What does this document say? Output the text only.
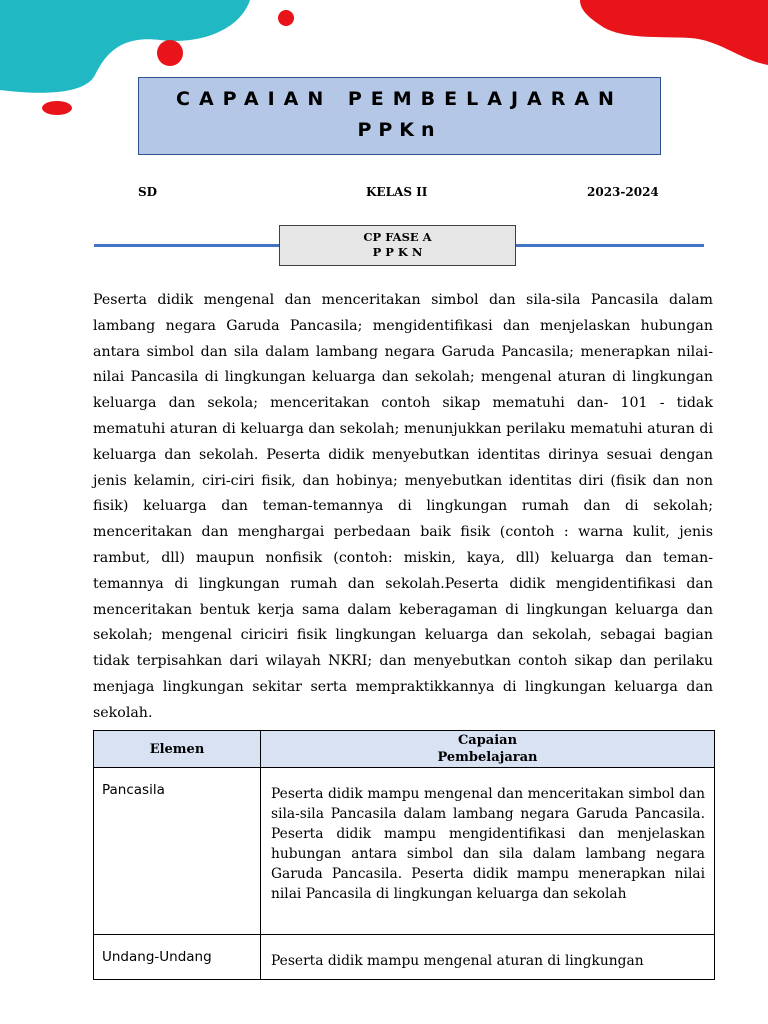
CAPAIAN PEMBELAJARAN
PPKn
SD	KELAS II	2023-2024
CP FASE A
P P K N
Peserta didik mengenal dan menceritakan simbol dan sila-sila Pancasila dalam lambang negara Garuda Pancasila; mengidentifikasi dan menjelaskan hubungan antara simbol dan sila dalam lambang negara Garuda Pancasila; menerapkan nilai-nilai Pancasila di lingkungan keluarga dan sekolah; mengenal aturan di lingkungan keluarga dan sekola; menceritakan contoh sikap mematuhi dan- 101 - tidak mematuhi aturan di keluarga dan sekolah; menunjukkan perilaku mematuhi aturan di keluarga dan sekolah. Peserta didik menyebutkan identitas dirinya sesuai dengan jenis kelamin, ciri-ciri fisik, dan hobinya; menyebutkan identitas diri (fisik dan non fisik) keluarga dan teman-temannya di lingkungan rumah dan di sekolah; menceritakan dan menghargai perbedaan baik fisik (contoh : warna kulit, jenis rambut, dll) maupun nonfisik (contoh: miskin, kaya, dll) keluarga dan teman-temannya di lingkungan rumah dan sekolah.Peserta didik mengidentifikasi dan menceritakan bentuk kerja sama dalam keberagaman di lingkungan keluarga dan sekolah; mengenal ciriciri fisik lingkungan keluarga dan sekolah, sebagai bagian tidak terpisahkan dari wilayah NKRI; dan menyebutkan contoh sikap dan perilaku menjaga lingkungan sekitar serta mempraktikkannya di lingkungan keluarga dan sekolah.
Elemen	Capaian
Pembelajaran

Pancasila	Peserta didik mampu mengenal dan menceritakan simbol dan sila-sila Pancasila dalam lambang negara Garuda Pancasila. Peserta didik mampu mengidentifikasi dan menjelaskan hubungan antara simbol dan sila dalam lambang negara Garuda Pancasila. Peserta didik mampu menerapkan nilai nilai Pancasila di lingkungan keluarga dan sekolah
Undang-Undang	Peserta didik mampu mengenal aturan di lingkungan
